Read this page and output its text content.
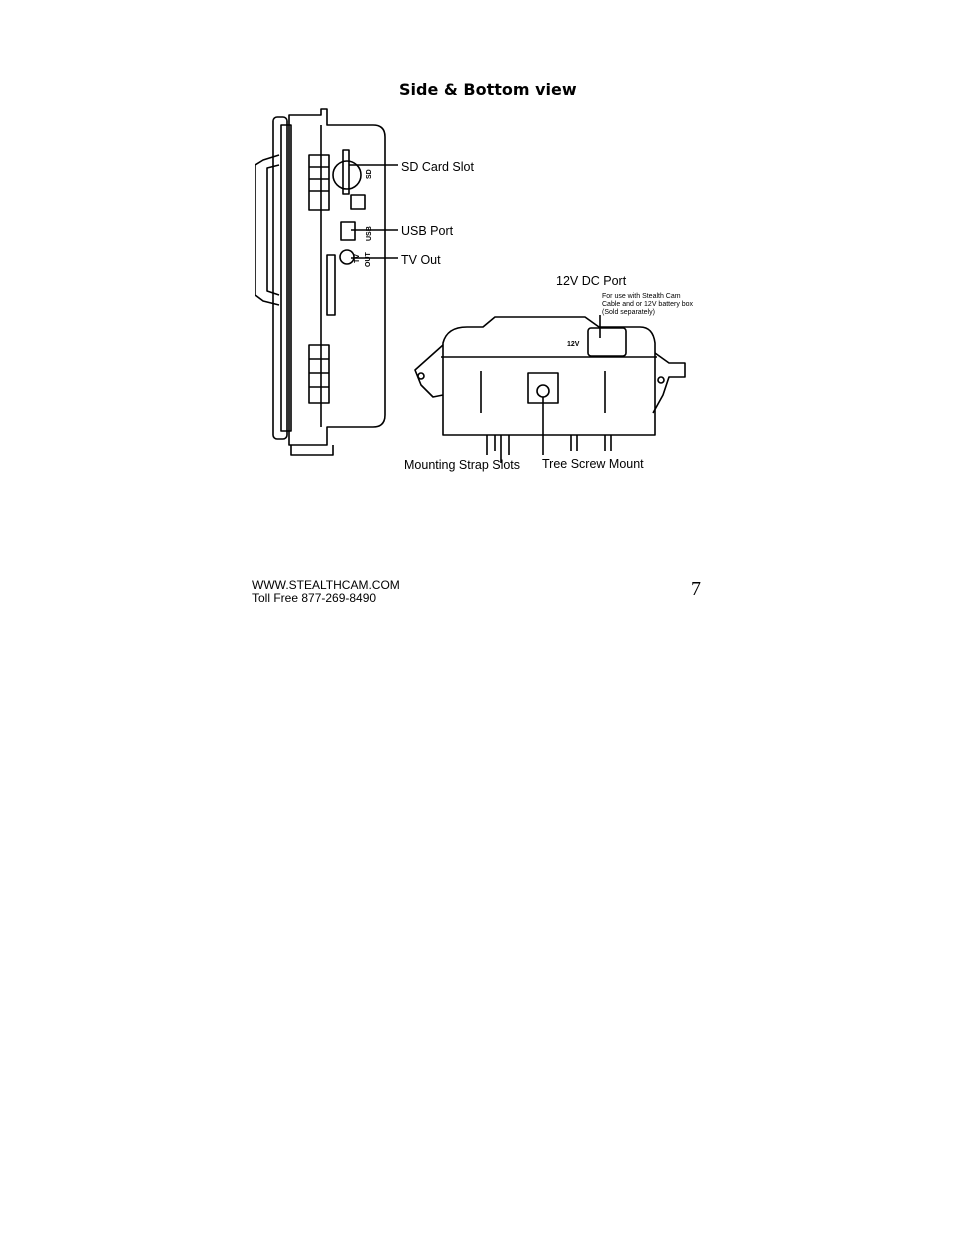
Side & Bottom view
SD Card Slot
USB Port
TV Out
SD
USB
TV OUT
12V DC Port
For use with Stealth Cam
Cable and or 12V battery box
(Sold separately)
12V
Mounting Strap Slots Tree Screw Mount
WWW.STEALTHCAM.COM
Toll Free 877-269-8490	7
